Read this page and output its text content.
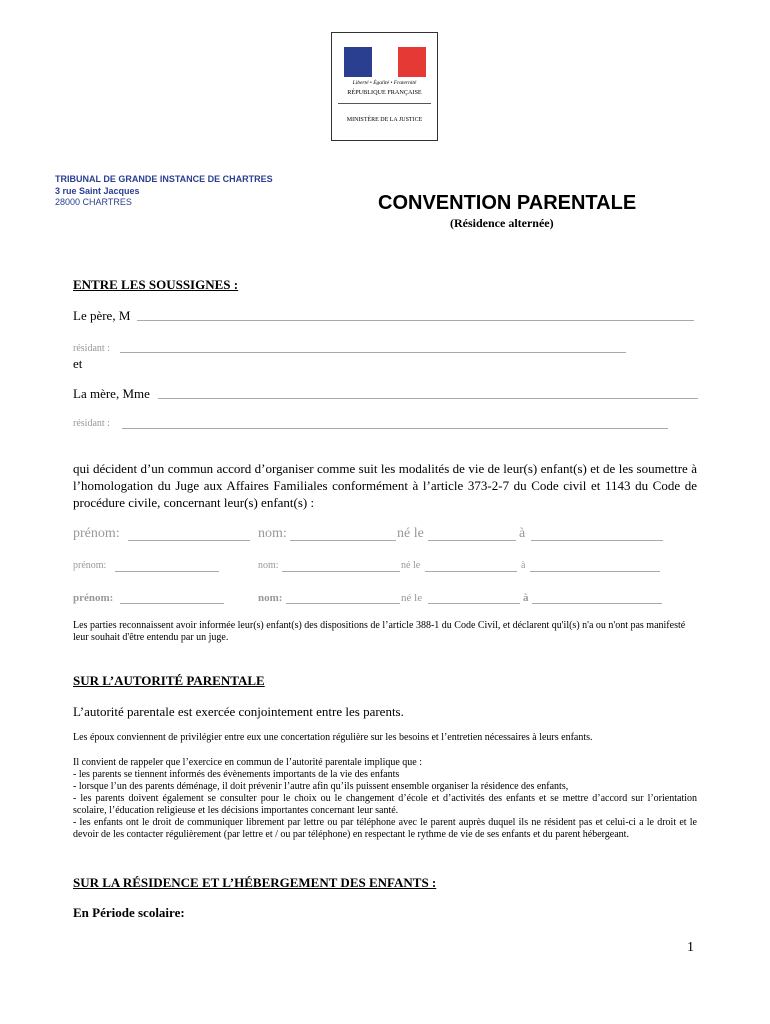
Liberté • Égalité • Fraternité
RÉPUBLIQUE FRANÇAISE
MINISTÈRE DE LA JUSTICE
TRIBUNAL DE GRANDE INSTANCE DE CHARTRES
3 rue Saint Jacques
28000 CHARTRES	CONVENTION PARENTALE
(Résidence alternée)
ENTRE LES SOUSSIGNES :
Le père, M
résidant :
et
La mère, Mme
résidant :
qui décident d’un commun accord d’organiser comme suit les modalités de vie de leur(s) enfant(s) et de les soumettre à l’homologation du Juge aux Affaires Familiales conformément à l’article 373-2-7 du Code civil et 1143 du Code de procédure civile, concernant leur(s) enfant(s) :
prénom:	nom:	né le	à
prénom:	nom:	né le	à
prénom:	nom:	né le	à
Les parties reconnaissent avoir informée leur(s) enfant(s) des dispositions de l’article 388-1 du Code Civil, et déclarent qu'il(s) n'a ou n'ont pas manifesté leur souhait d'être entendu par un juge.
SUR L’AUTORITÉ PARENTALE
L’autorité parentale est exercée conjointement entre les parents.
Les époux conviennent de privilégier entre eux une concertation régulière sur les besoins et l’entretien nécessaires à leurs enfants.
Il convient de rappeler que l’exercice en commun de l’autorité parentale implique que :
- les parents se tiennent informés des évènements importants de la vie des enfants
- lorsque l’un des parents déménage, il doit prévenir l’autre afin qu’ils puissent ensemble organiser la résidence des enfants,
- les parents doivent également se consulter pour le choix ou le changement d’école et d’activités des enfants et se mettre d’accord sur l’orientation scolaire, l’éducation religieuse et les décisions importantes concernant leur santé.
- les enfants ont le droit de communiquer librement par lettre ou par téléphone avec le parent auprès duquel ils ne résident pas et celui-ci a le droit et le devoir de les contacter régulièrement (par lettre et / ou par téléphone) en respectant le rythme de vie de ses enfants et du parent hébergeant.
SUR LA RÉSIDENCE ET L’HÉBERGEMENT DES ENFANTS :
En Période scolaire:
1
